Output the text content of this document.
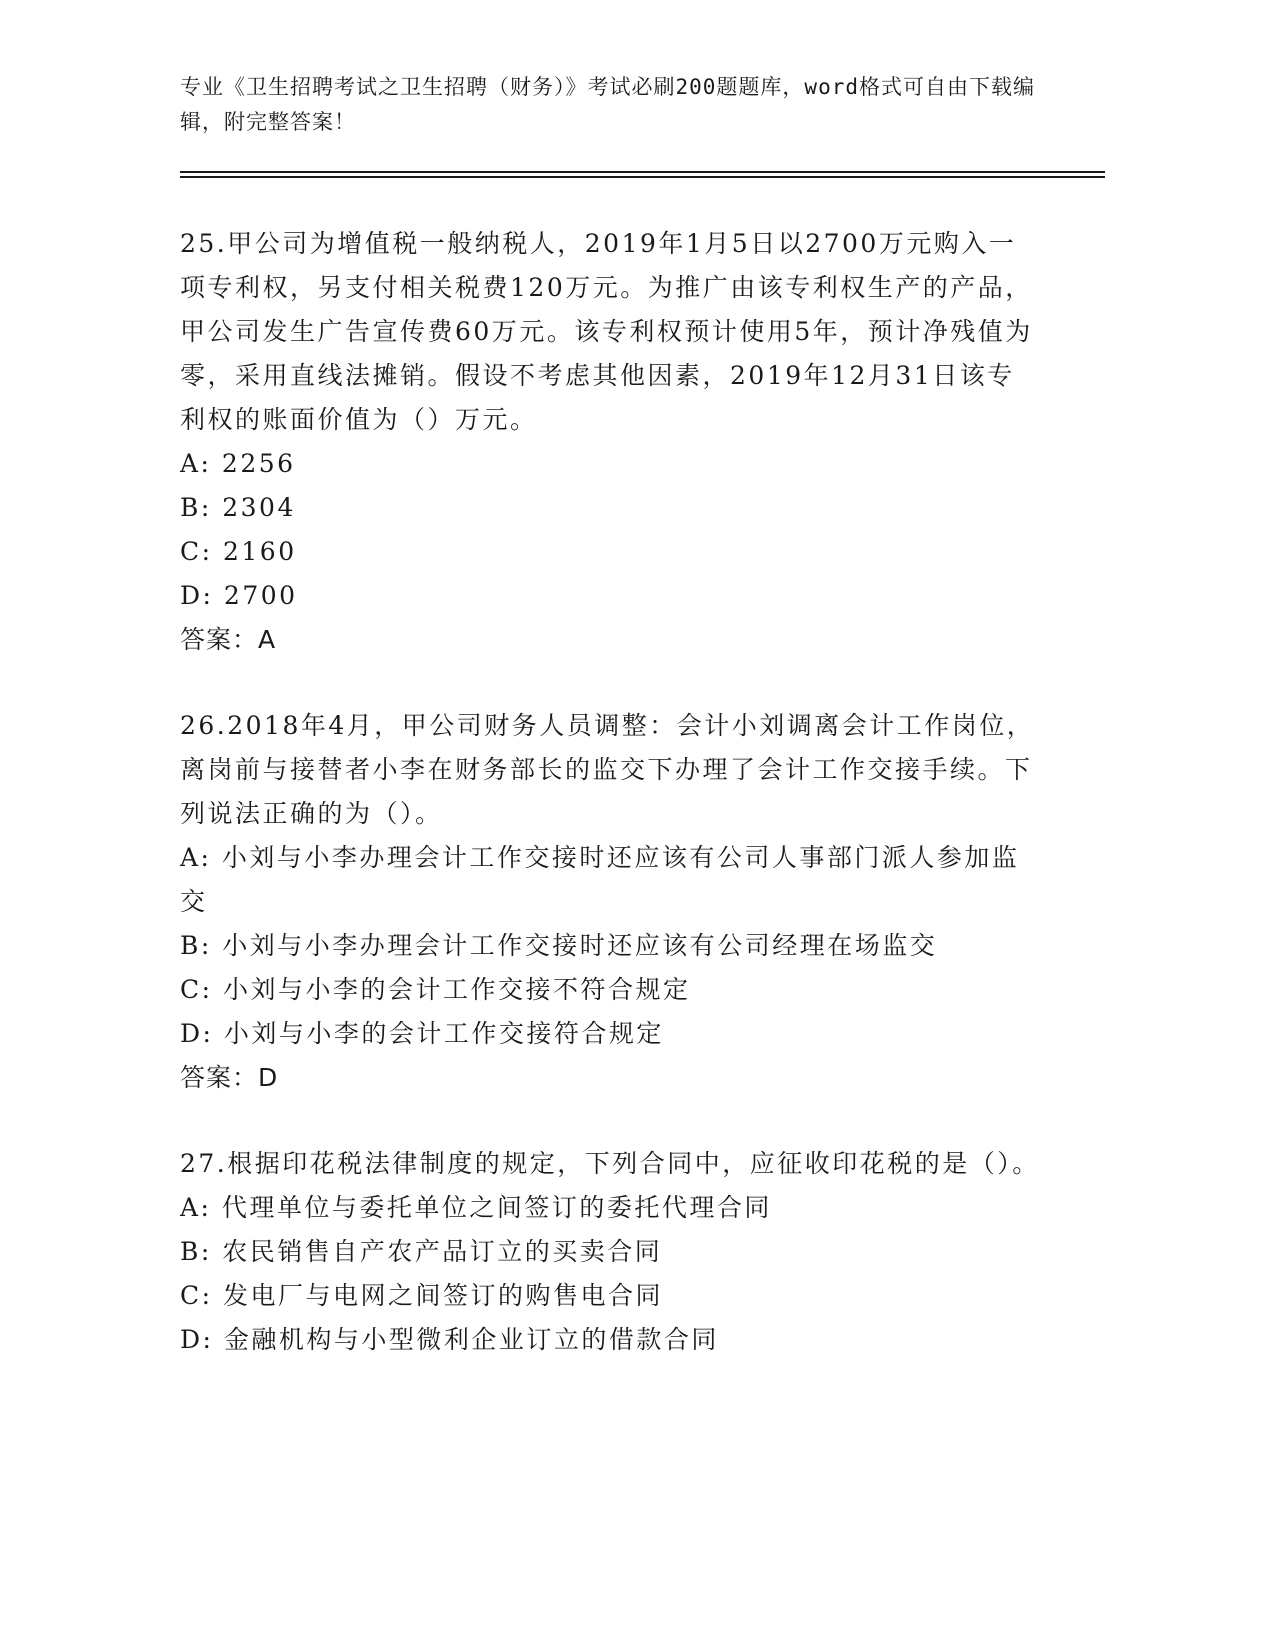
专业《卫生招聘考试之卫生招聘（财务）》考试必刷200题题库，word格式可自由下载编辑，附完整答案！
25.甲公司为增值税一般纳税人，2019年1月5日以2700万元购入一项专利权，另支付相关税费120万元。为推广由该专利权生产的产品，甲公司发生广告宣传费60万元。该专利权预计使用5年，预计净残值为零，采用直线法摊销。假设不考虑其他因素，2019年12月31日该专利权的账面价值为（）万元。
A: 2256
B: 2304
C: 2160
D: 2700
答案：A
26.2018年4月，甲公司财务人员调整：会计小刘调离会计工作岗位，离岗前与接替者小李在财务部长的监交下办理了会计工作交接手续。下列说法正确的为（）。
A: 小刘与小李办理会计工作交接时还应该有公司人事部门派人参加监交
B: 小刘与小李办理会计工作交接时还应该有公司经理在场监交
C: 小刘与小李的会计工作交接不符合规定
D: 小刘与小李的会计工作交接符合规定
答案：D
27.根据印花税法律制度的规定，下列合同中，应征收印花税的是（）。
A: 代理单位与委托单位之间签订的委托代理合同
B: 农民销售自产农产品订立的买卖合同
C: 发电厂与电网之间签订的购售电合同
D: 金融机构与小型微利企业订立的借款合同
